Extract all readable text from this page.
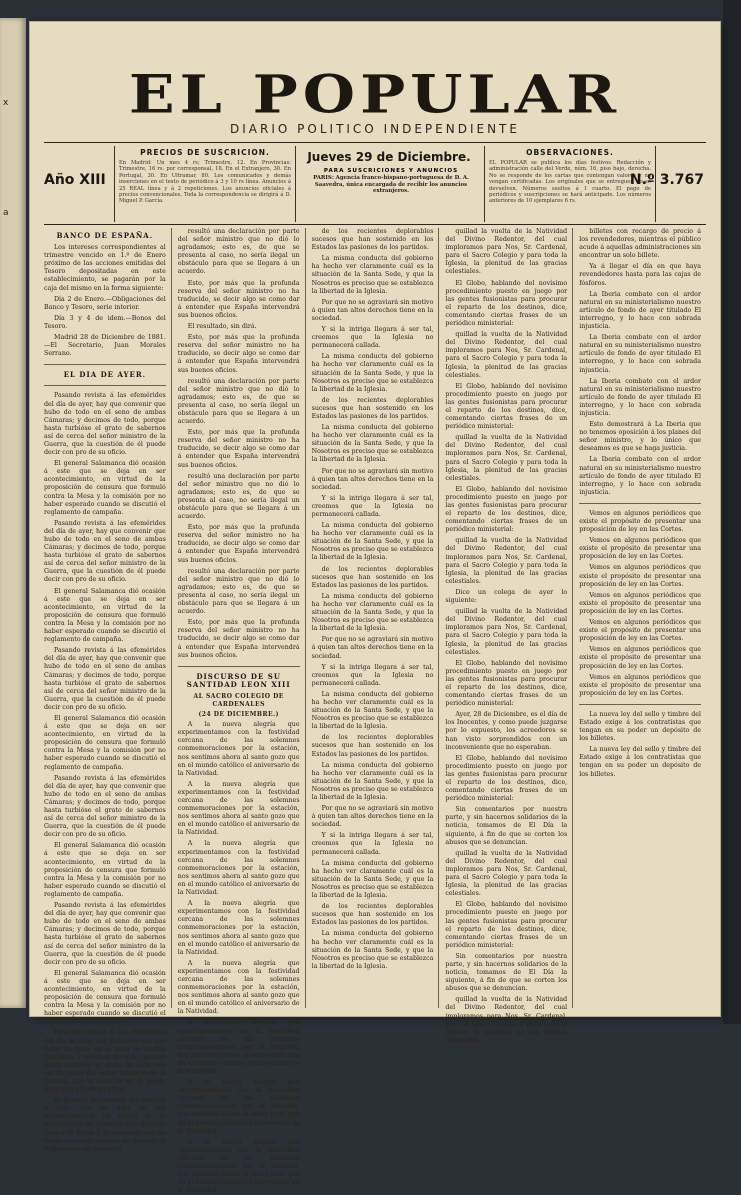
x
a
EL POPULAR
DIARIO POLITICO INDEPENDIENTE
Año XIII
PRECIOS DE SUSCRICION.

En Madrid: Un mes 4 rs; Trimestre, 12. En Provincias: Trimestre, 16 rs. por corresponsal, 18. En el Extranjero, 30. En Portugal, 30. En Ultramar, 80. Los comunicados y demás inserciones en el texto de periódico á 3 y 10 rs línea. Anuncios á 25 REAL línea y á 2 repeticiones. Los anuncios oficiales á precios convencionales. Toda la correspondencia se dirigirá á D. Miguel P. García.

Jueves 29 de Diciembre.
PARA SUSCRICIONES Y ANUNCIOS

PARIS: Agencia franco-hispano-portuguesa de D. A. Saavedra, única encargada de recibir los anuncios extranjeros.

OBSERVACIONES.

EL POPULAR se publica los días festivos. Redacción y administración calle del Verde, núm. 16, piso bajo, derecha. No se responde de los cartas que contengan valores y no vengan certificadas. Los originales que se entreguen no se devuelven. Números sueltos á 1 cuarto. El pago de periódicos y suscripciones se hará anticipado. Los números anteriores de 10 ejemplares 6 rs.

N.º 3.767
BANCO DE ESPAÑA.

Los intereses correspondientes al trimestre vencido en 1.º de Enero próximo de las acciones emitidas del Tesoro depositadas en este establecimiento, se pagarán por la caja del mismo en la forma siguiente:

Día 2 de Enero.—Obligaciones del Banco y Tesoro, serie interior.

Día 3 y 4 de idem.—Bonos del Tesoro.

Madrid 28 de Diciembre de 1881.—El Secretario, Juan Morales Serrano.

EL DIA DE AYER.

Pasando revista á las efemérides del día de ayer, hay que convenir que hubo de todo en el seno de ambas Cámaras; y decimos de todo, porque hasta turbióse el grato de sabernos así de cerca del señor ministro de la Guerra, que la cuestión de él puede decir con pro de su oficio.

El general Salamanca dió ocasión á este que se deja en ser acontecimiento, en virtud de la proposición de censura que formuló contra la Mesa y la comisión por no haber esperado cuando se discutió el reglamento de campaña.

Pasando revista á las efemérides del día de ayer, hay que convenir que hubo de todo en el seno de ambas Cámaras; y decimos de todo, porque hasta turbióse el grato de sabernos así de cerca del señor ministro de la Guerra, que la cuestión de él puede decir con pro de su oficio.

El general Salamanca dió ocasión á este que se deja en ser acontecimiento, en virtud de la proposición de censura que formuló contra la Mesa y la comisión por no haber esperado cuando se discutió el reglamento de campaña.

Pasando revista á las efemérides del día de ayer, hay que convenir que hubo de todo en el seno de ambas Cámaras; y decimos de todo, porque hasta turbióse el grato de sabernos así de cerca del señor ministro de la Guerra, que la cuestión de él puede decir con pro de su oficio.

El general Salamanca dió ocasión á este que se deja en ser acontecimiento, en virtud de la proposición de censura que formuló contra la Mesa y la comisión por no haber esperado cuando se discutió el reglamento de campaña.

Pasando revista á las efemérides del día de ayer, hay que convenir que hubo de todo en el seno de ambas Cámaras; y decimos de todo, porque hasta turbióse el grato de sabernos así de cerca del señor ministro de la Guerra, que la cuestión de él puede decir con pro de su oficio.

El general Salamanca dió ocasión á este que se deja en ser acontecimiento, en virtud de la proposición de censura que formuló contra la Mesa y la comisión por no haber esperado cuando se discutió el reglamento de campaña.

Pasando revista á las efemérides del día de ayer, hay que convenir que hubo de todo en el seno de ambas Cámaras; y decimos de todo, porque hasta turbióse el grato de sabernos así de cerca del señor ministro de la Guerra, que la cuestión de él puede decir con pro de su oficio.

El general Salamanca dió ocasión á este que se deja en ser acontecimiento, en virtud de la proposición de censura que formuló contra la Mesa y la comisión por no haber esperado cuando se discutió el reglamento de campaña.

Pasando revista á las efemérides del día de ayer, hay que convenir que hubo de todo en el seno de ambas Cámaras; y decimos de todo, porque hasta turbióse el grato de sabernos así de cerca del señor ministro de la Guerra, que la cuestión de él puede decir con pro de su oficio.

El general Salamanca dió ocasión á este que se deja en ser acontecimiento, en virtud de la proposición de censura que formuló contra la Mesa y la comisión por no haber esperado cuando se discutió el reglamento de campaña.

resultó una declaración por parte del señor ministro que no dió lo agradamos; esto es, de que se presenta al caso, no sería ilegal un obstáculo para que se llegara á un acuerdo.

Esto, por más que la profunda reserva del señor ministro no ha traducido, se decir algo se como dar á entender que España intervendrá sus buenos oficios.

El resultado, sin dirá.

Esto, por más que la profunda reserva del señor ministro no ha traducido, se decir algo se como dar á entender que España intervendrá sus buenos oficios.

resultó una declaración por parte del señor ministro que no dió lo agradamos; esto es, de que se presenta al caso, no sería ilegal un obstáculo para que se llegara á un acuerdo.

Esto, por más que la profunda reserva del señor ministro no ha traducido, se decir algo se como dar á entender que España intervendrá sus buenos oficios.

resultó una declaración por parte del señor ministro que no dió lo agradamos; esto es, de que se presenta al caso, no sería ilegal un obstáculo para que se llegara á un acuerdo.

Esto, por más que la profunda reserva del señor ministro no ha traducido, se decir algo se como dar á entender que España intervendrá sus buenos oficios.

resultó una declaración por parte del señor ministro que no dió lo agradamos; esto es, de que se presenta al caso, no sería ilegal un obstáculo para que se llegara á un acuerdo.

Esto, por más que la profunda reserva del señor ministro no ha traducido, se decir algo se como dar á entender que España intervendrá sus buenos oficios.

DISCURSO DE SU SANTIDAD LEON XIII
AL SACRO COLEGIO DE CARDENALES
(24 DE DICIEMBRE.)

A la nueva alegría que experimentamos con la festividad cercana de las solemnes conmemoraciones por la estación, nos sentimos ahora al santo gozo que en el mundo católico el aniversario de la Natividad.

A la nueva alegría que experimentamos con la festividad cercana de las solemnes conmemoraciones por la estación, nos sentimos ahora al santo gozo que en el mundo católico el aniversario de la Natividad.

A la nueva alegría que experimentamos con la festividad cercana de las solemnes conmemoraciones por la estación, nos sentimos ahora al santo gozo que en el mundo católico el aniversario de la Natividad.

A la nueva alegría que experimentamos con la festividad cercana de las solemnes conmemoraciones por la estación, nos sentimos ahora al santo gozo que en el mundo católico el aniversario de la Natividad.

A la nueva alegría que experimentamos con la festividad cercana de las solemnes conmemoraciones por la estación, nos sentimos ahora al santo gozo que en el mundo católico el aniversario de la Natividad.

A la nueva alegría que experimentamos con la festividad cercana de las solemnes conmemoraciones por la estación, nos sentimos ahora al santo gozo que en el mundo católico el aniversario de la Natividad.

A la nueva alegría que experimentamos con la festividad cercana de las solemnes conmemoraciones por la estación, nos sentimos ahora al santo gozo que en el mundo católico el aniversario de la Natividad.

A la nueva alegría que experimentamos con la festividad cercana de las solemnes conmemoraciones por la estación, nos sentimos ahora al santo gozo que en el mundo católico el aniversario de la Natividad.

de los recientes deplorables sucesos que han sostenido en los Estados las pasiones de los partidos.

La misma conducta del gobierno ha hecho ver claramente cuál es la situación de la Santa Sede, y que la Nosotros es preciso que se establezca la libertad de la Iglesia.

Por que no se agraviará sin motivo á quien tan altos derechos tiene en la sociedad.

Y si la intriga llegara á ser tal, creemos que la Iglesia no permanecerá callada.

La misma conducta del gobierno ha hecho ver claramente cuál es la situación de la Santa Sede, y que la Nosotros es preciso que se establezca la libertad de la Iglesia.

de los recientes deplorables sucesos que han sostenido en los Estados las pasiones de los partidos.

La misma conducta del gobierno ha hecho ver claramente cuál es la situación de la Santa Sede, y que la Nosotros es preciso que se establezca la libertad de la Iglesia.

Por que no se agraviará sin motivo á quien tan altos derechos tiene en la sociedad.

Y si la intriga llegara á ser tal, creemos que la Iglesia no permanecerá callada.

La misma conducta del gobierno ha hecho ver claramente cuál es la situación de la Santa Sede, y que la Nosotros es preciso que se establezca la libertad de la Iglesia.

de los recientes deplorables sucesos que han sostenido en los Estados las pasiones de los partidos.

La misma conducta del gobierno ha hecho ver claramente cuál es la situación de la Santa Sede, y que la Nosotros es preciso que se establezca la libertad de la Iglesia.

Por que no se agraviará sin motivo á quien tan altos derechos tiene en la sociedad.

Y si la intriga llegara á ser tal, creemos que la Iglesia no permanecerá callada.

La misma conducta del gobierno ha hecho ver claramente cuál es la situación de la Santa Sede, y que la Nosotros es preciso que se establezca la libertad de la Iglesia.

de los recientes deplorables sucesos que han sostenido en los Estados las pasiones de los partidos.

La misma conducta del gobierno ha hecho ver claramente cuál es la situación de la Santa Sede, y que la Nosotros es preciso que se establezca la libertad de la Iglesia.

Por que no se agraviará sin motivo á quien tan altos derechos tiene en la sociedad.

Y si la intriga llegara á ser tal, creemos que la Iglesia no permanecerá callada.

La misma conducta del gobierno ha hecho ver claramente cuál es la situación de la Santa Sede, y que la Nosotros es preciso que se establezca la libertad de la Iglesia.

de los recientes deplorables sucesos que han sostenido en los Estados las pasiones de los partidos.

La misma conducta del gobierno ha hecho ver claramente cuál es la situación de la Santa Sede, y que la Nosotros es preciso que se establezca la libertad de la Iglesia.

quillad la vuelta de la Natividad del Divino Redentor, del cual imploramos para Nos, Sr. Cardenal, para el Sacro Colegio y para toda la Iglesia, la plenitud de las gracias celestiales.

El Globo, hablando del novísimo procedimiento puesto en juego por las gentes fusionistas para procurar el reparto de los destinos, dice, comentando ciertas frases de un periódico ministerial:

quillad la vuelta de la Natividad del Divino Redentor, del cual imploramos para Nos, Sr. Cardenal, para el Sacro Colegio y para toda la Iglesia, la plenitud de las gracias celestiales.

El Globo, hablando del novísimo procedimiento puesto en juego por las gentes fusionistas para procurar el reparto de los destinos, dice, comentando ciertas frases de un periódico ministerial:

quillad la vuelta de la Natividad del Divino Redentor, del cual imploramos para Nos, Sr. Cardenal, para el Sacro Colegio y para toda la Iglesia, la plenitud de las gracias celestiales.

El Globo, hablando del novísimo procedimiento puesto en juego por las gentes fusionistas para procurar el reparto de los destinos, dice, comentando ciertas frases de un periódico ministerial:

quillad la vuelta de la Natividad del Divino Redentor, del cual imploramos para Nos, Sr. Cardenal, para el Sacro Colegio y para toda la Iglesia, la plenitud de las gracias celestiales.

Dice un colega de ayer lo siguiente:

quillad la vuelta de la Natividad del Divino Redentor, del cual imploramos para Nos, Sr. Cardenal, para el Sacro Colegio y para toda la Iglesia, la plenitud de las gracias celestiales.

El Globo, hablando del novísimo procedimiento puesto en juego por las gentes fusionistas para procurar el reparto de los destinos, dice, comentando ciertas frases de un periódico ministerial:

Ayer, 28 de Diciembre, es el día de los Inocentes, y como puede juzgarse por lo expuesto, los acreedores se han visto sorprendidos con un inconveniente que no esperaban.

El Globo, hablando del novísimo procedimiento puesto en juego por las gentes fusionistas para procurar el reparto de los destinos, dice, comentando ciertas frases de un periódico ministerial:

Sin comentarios por nuestra parte, y sin hacernos solidarios de la noticia, tomamos de El Día la siguiente, á fin de que se corten los abusos que se denuncian.

quillad la vuelta de la Natividad del Divino Redentor, del cual imploramos para Nos, Sr. Cardenal, para el Sacro Colegio y para toda la Iglesia, la plenitud de las gracias celestiales.

El Globo, hablando del novísimo procedimiento puesto en juego por las gentes fusionistas para procurar el reparto de los destinos, dice, comentando ciertas frases de un periódico ministerial:

Sin comentarios por nuestra parte, y sin hacernos solidarios de la noticia, tomamos de El Día la siguiente, á fin de que se corten los abusos que se denuncian.

quillad la vuelta de la Natividad del Divino Redentor, del cual imploramos para Nos, Sr. Cardenal, para el Sacro Colegio y para toda la Iglesia, la plenitud de las gracias celestiales.

billetes con recargo de precio á los revendedores, mientras el público acude á aquellas administraciones sin encontrar un solo billete.

Ya á llegar el día en que haya revendedores hasta para las cajas de fósforos.

La Iberia combate con el ardor natural en su ministerialismo nuestro artículo de fondo de ayer titulado El interregno, y lo hace con sobrada injusticia.

La Iberia combate con el ardor natural en su ministerialismo nuestro artículo de fondo de ayer titulado El interregno, y lo hace con sobrada injusticia.

La Iberia combate con el ardor natural en su ministerialismo nuestro artículo de fondo de ayer titulado El interregno, y lo hace con sobrada injusticia.

Esto demostrará á La Iberia que no tenemos oposición á los planes del señor ministro, y lo único que deseamos es que se haga justicia.

La Iberia combate con el ardor natural en su ministerialismo nuestro artículo de fondo de ayer titulado El interregno, y lo hace con sobrada injusticia.

Vemos en algunos periódicos que existe el propósito de presentar una proposición de ley en las Cortes.

Vemos en algunos periódicos que existe el propósito de presentar una proposición de ley en las Cortes.

Vemos en algunos periódicos que existe el propósito de presentar una proposición de ley en las Cortes.

Vemos en algunos periódicos que existe el propósito de presentar una proposición de ley en las Cortes.

Vemos en algunos periódicos que existe el propósito de presentar una proposición de ley en las Cortes.

Vemos en algunos periódicos que existe el propósito de presentar una proposición de ley en las Cortes.

Vemos en algunos periódicos que existe el propósito de presentar una proposición de ley en las Cortes.

La nueva ley del sello y timbre del Estado exige á los contratistas que tengan en su poder un depósito de los billetes.

La nueva ley del sello y timbre del Estado exige á los contratistas que tengan en su poder un depósito de los billetes.
